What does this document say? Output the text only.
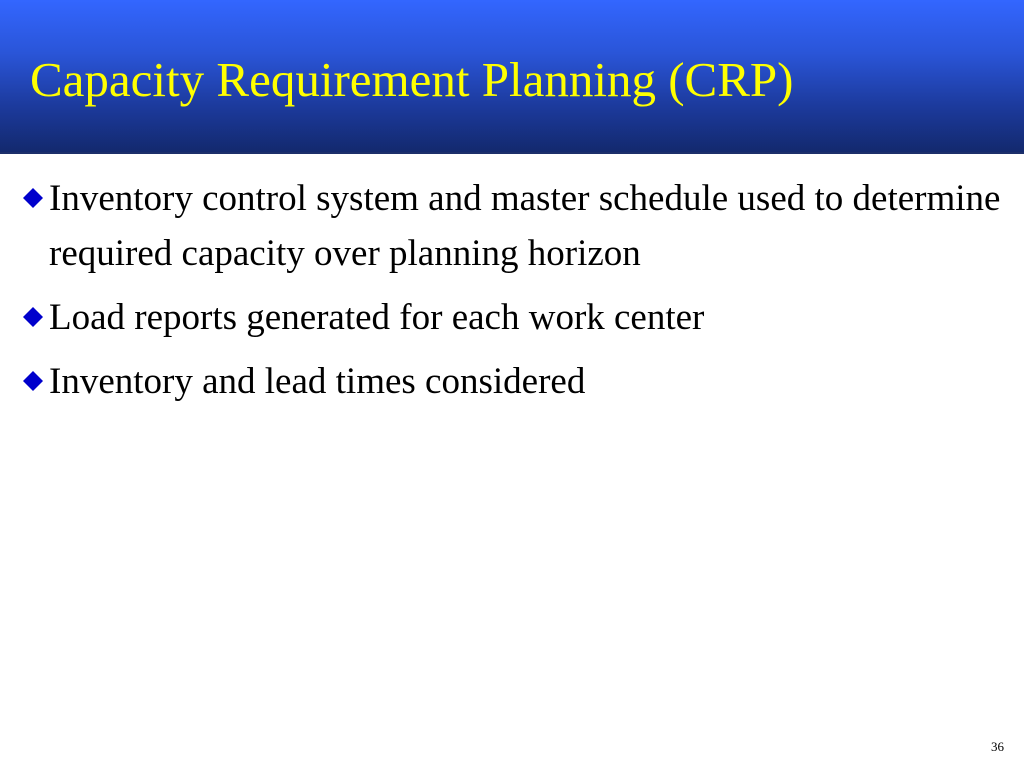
Capacity Requirement Planning (CRP)
Inventory control system and master schedule used to determine required capacity over planning horizon
Load reports generated for each work center
Inventory and lead times considered
36
